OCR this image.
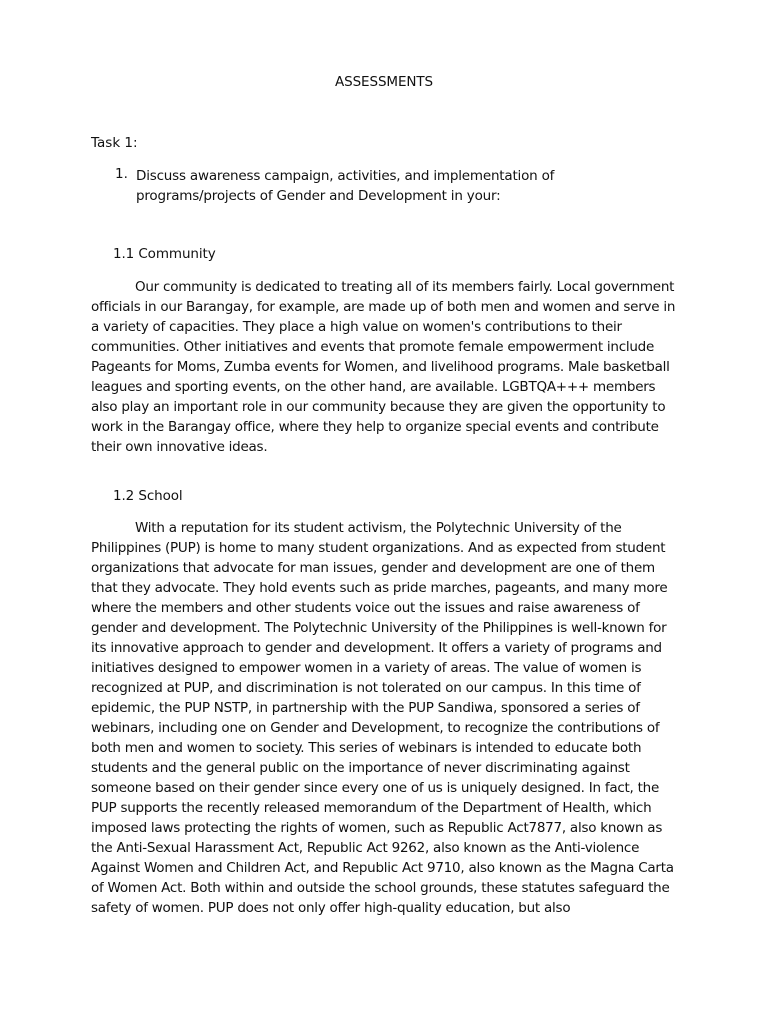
ASSESSMENTS
Task 1:
1. Discuss awareness campaign, activities, and implementation of programs/projects of Gender and Development in your:
1.1 Community

Our community is dedicated to treating all of its members fairly. Local government officials in our Barangay, for example, are made up of both men and women and serve in a variety of capacities. They place a high value on women's contributions to their communities. Other initiatives and events that promote female empowerment include Pageants for Moms, Zumba events for Women, and livelihood programs. Male basketball leagues and sporting events, on the other hand, are available. LGBTQA+++ members also play an important role in our community because they are given the opportunity to work in the Barangay office, where they help to organize special events and contribute their own innovative ideas.

1.2 School

With a reputation for its student activism, the Polytechnic University of the Philippines (PUP) is home to many student organizations. And as expected from student organizations that advocate for man issues, gender and development are one of them that they advocate. They hold events such as pride marches, pageants, and many more where the members and other students voice out the issues and raise awareness of gender and development. The Polytechnic University of the Philippines is well-known for its innovative approach to gender and development. It offers a variety of programs and initiatives designed to empower women in a variety of areas. The value of women is recognized at PUP, and discrimination is not tolerated on our campus. In this time of epidemic, the PUP NSTP, in partnership with the PUP Sandiwa, sponsored a series of webinars, including one on Gender and Development, to recognize the contributions of both men and women to society. This series of webinars is intended to educate both students and the general public on the importance of never discriminating against someone based on their gender since every one of us is uniquely designed. In fact, the PUP supports the recently released memorandum of the Department of Health, which imposed laws protecting the rights of women, such as Republic Act7877, also known as the Anti-Sexual Harassment Act, Republic Act 9262, also known as the Anti-violence Against Women and Children Act, and Republic Act 9710, also known as the Magna Carta of Women Act. Both within and outside the school grounds, these statutes safeguard the safety of women. PUP does not only offer high-quality education, but also
